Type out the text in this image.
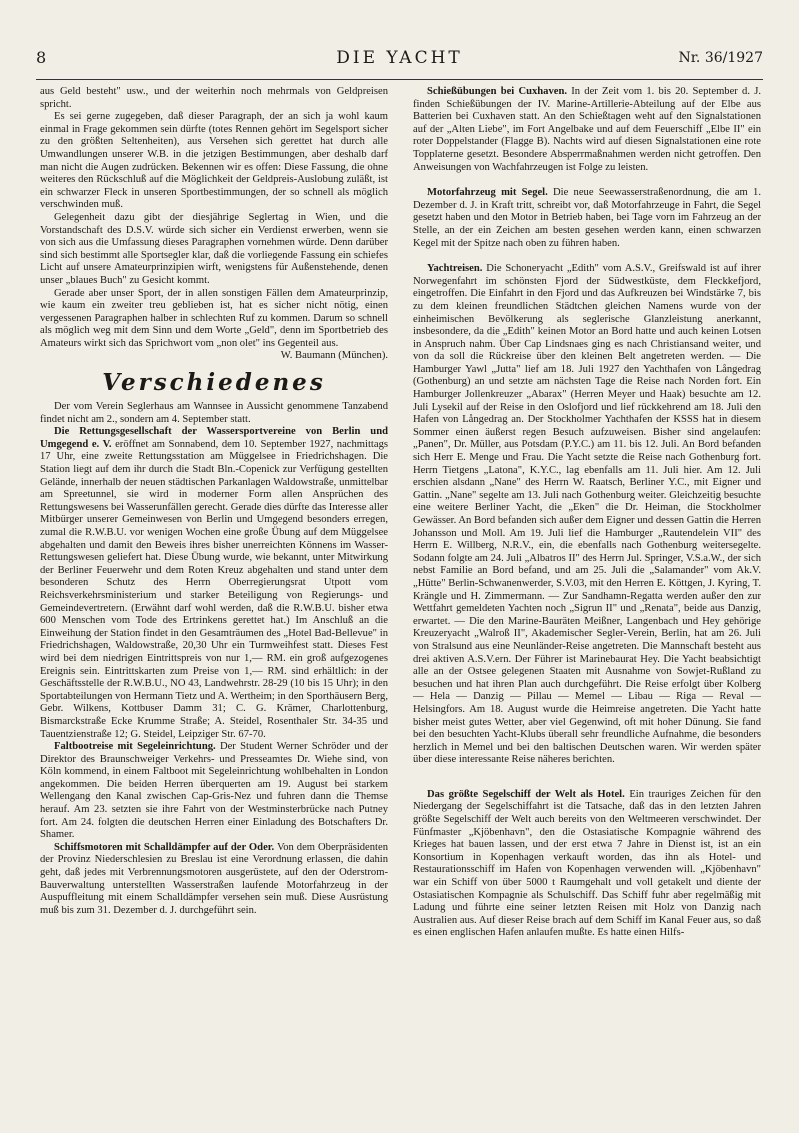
8	DIE YACHT	Nr. 36/1927

aus Geld besteht" usw., und der weiterhin noch mehrmals von Geldpreisen spricht.

Es sei gerne zugegeben, daß dieser Paragraph, der an sich ja wohl kaum einmal in Frage gekommen sein dürfte (totes Rennen gehört im Segelsport sicher zu den größten Seltenheiten), aus Versehen sich gerettet hat durch alle Umwandlungen unserer W.B. in die jetzigen Bestimmungen, aber deshalb darf man nicht die Augen zudrücken. Bekennen wir es offen: Diese Fassung, die ohne weiteres den Rückschluß auf die Möglichkeit der Geldpreis-Auslobung zuläßt, ist ein schwarzer Fleck in unseren Sportbestimmungen, der so schnell als möglich verschwinden muß.

Gelegenheit dazu gibt der diesjährige Seglertag in Wien, und die Vorstandschaft des D.S.V. würde sich sicher ein Verdienst erwerben, wenn sie von sich aus die Umfassung dieses Paragraphen vornehmen würde. Denn darüber sind sich bestimmt alle Sportsegler klar, daß die vorliegende Fassung ein schiefes Licht auf unsere Amateurprinzipien wirft, wenigstens für Außenstehende, denen unser „blaues Buch" zu Gesicht kommt.

Gerade aber unser Sport, der in allen sonstigen Fällen dem Amateurprinzip, wie kaum ein zweiter treu geblieben ist, hat es sicher nicht nötig, einen vergessenen Paragraphen halber in schlechten Ruf zu kommen. Darum so schnell als möglich weg mit dem Sinn und dem Worte „Geld", denn im Sportbetrieb des Amateurs wirkt sich das Sprichwort vom „non olet" ins Gegenteil aus.

W. Baumann (München).

Verschiedenes

Der vom Verein Seglerhaus am Wannsee in Aussicht genommene Tanzabend findet nicht am 2., sondern am 4. September statt.

Die Rettungsgesellschaft der Wassersportvereine von Berlin und Umgegend e. V. eröffnet am Sonnabend, dem 10. September 1927, nachmittags 17 Uhr, eine zweite Rettungsstation am Müggelsee in Friedrichshagen. Die Station liegt auf dem ihr durch die Stadt Bln.-Copenick zur Verfügung gestellten Gelände, innerhalb der neuen städtischen Parkanlagen Waldowstraße, unmittelbar am Spreetunnel, sie wird in moderner Form allen Ansprüchen des Rettungswesens bei Wasserunfällen gerecht. Gerade dies dürfte das Interesse aller Mitbürger unserer Gemeinwesen von Berlin und Umgegend besonders erregen, zumal die R.W.B.U. vor wenigen Wochen eine große Übung auf dem Müggelsee abgehalten und damit den Beweis ihres bisher unerreichten Könnens im Wasser-Rettungswesen geliefert hat. Diese Übung wurde, wie bekannt, unter Mitwirkung der Berliner Feuerwehr und dem Roten Kreuz abgehalten und stand unter dem besonderen Schutz des Herrn Oberregierungsrat Utpott vom Reichsverkehrsministerium und starker Beteiligung von Regierungs- und Gemeindevertretern. (Erwähnt darf wohl werden, daß die R.W.B.U. bisher etwa 600 Menschen vom Tode des Ertrinkens gerettet hat.) Im Anschluß an die Einweihung der Station findet in den Gesamträumen des „Hotel Bad-Bellevue" in Friedrichshagen, Waldowstraße, 20,30 Uhr ein Turmweihfest statt. Dieses Fest wird bei dem niedrigen Eintrittspreis von nur 1,— RM. ein groß aufgezogenes Ereignis sein. Eintrittskarten zum Preise von 1,— RM. sind erhältlich: in der Geschäftsstelle der R.W.B.U., NO 43, Landwehrstr. 28-29 (10 bis 15 Uhr); in den Sportabteilungen von Hermann Tietz und A. Wertheim; in den Sporthäusern Berg, Gebr. Wilkens, Kottbuser Damm 31; C. G. Krämer, Charlottenburg, Bismarckstraße Ecke Krumme Straße; A. Steidel, Rosenthaler Str. 34-35 und Tauentzienstraße 12; G. Steidel, Leipziger Str. 67-70.

Faltbootreise mit Segeleinrichtung. Der Student Werner Schröder und der Direktor des Braunschweiger Verkehrs- und Presseamtes Dr. Wiehe sind, von Köln kommend, in einem Faltboot mit Segeleinrichtung wohlbehalten in London angekommen. Die beiden Herren überquerten am 19. August bei starkem Wellengang den Kanal zwischen Cap-Gris-Nez und fuhren dann die Themse herauf. Am 23. setzten sie ihre Fahrt von der Westminsterbrücke nach Putney fort. Am 24. folgten die deutschen Herren einer Einladung des Botschafters Dr. Shamer.

Schiffsmotoren mit Schalldämpfer auf der Oder. Von dem Oberpräsidenten der Provinz Niederschlesien zu Breslau ist eine Verordnung erlassen, die dahin geht, daß jedes mit Verbrennungsmotoren ausgerüstete, auf den der Oderstrom-Bauverwaltung unterstellten Wasserstraßen laufende Motorfahrzeug in der Auspuffleitung mit einem Schalldämpfer versehen sein muß. Diese Ausrüstung muß bis zum 31. Dezember d. J. durchgeführt sein.

Schießübungen bei Cuxhaven. In der Zeit vom 1. bis 20. September d. J. finden Schießübungen der IV. Marine-Artillerie-Abteilung auf der Elbe aus Batterien bei Cuxhaven statt. An den Schießtagen weht auf den Signalstationen auf der „Alten Liebe", im Fort Angelbake und auf dem Feuerschiff „Elbe II" ein roter Doppelstander (Flagge B). Nachts wird auf diesen Signalstationen eine rote Topplaterne gesetzt. Besondere Absperrmaßnahmen werden nicht getroffen. Den Anweisungen von Wachfahrzeugen ist Folge zu leisten.

Motorfahrzeug mit Segel. Die neue Seewasserstraßenordnung, die am 1. Dezember d. J. in Kraft tritt, schreibt vor, daß Motorfahrzeuge in Fahrt, die Segel gesetzt haben und den Motor in Betrieb haben, bei Tage vorn im Fahrzeug an der Stelle, an der ein Zeichen am besten gesehen werden kann, einen schwarzen Kegel mit der Spitze nach oben zu führen haben.

Yachtreisen. Die Schoneryacht „Edith" vom A.S.V., Greifswald ist auf ihrer Norwegenfahrt im schönsten Fjord der Südwestküste, dem Fleckkefjord, eingetroffen. Die Einfahrt in den Fjord und das Aufkreuzen bei Windstärke 7, bis zu dem kleinen freundlichen Städtchen gleichen Namens wurde von der einheimischen Bevölkerung als seglerische Glanzleistung anerkannt, insbesondere, da die „Edith" keinen Motor an Bord hatte und auch keinen Lotsen in Anspruch nahm. Über Cap Lindsnaes ging es nach Christiansand weiter, und von da soll die Rückreise über den kleinen Belt angetreten werden. — Die Hamburger Yawl „Jutta" lief am 18. Juli 1927 den Yachthafen von Långedrag (Gothenburg) an und setzte am nächsten Tage die Reise nach Norden fort. Ein Hamburger Jollenkreuzer „Abarax" (Herren Meyer und Haak) besuchte am 12. Juli Lysekil auf der Reise in den Oslofjord und lief rückkehrend am 18. Juli den Hafen von Långedrag an. Der Stockholmer Yachthafen der KSSS hat in diesem Sommer einen äußerst regen Besuch aufzuweisen. Bisher sind angelaufen: „Panen", Dr. Müller, aus Potsdam (P.Y.C.) am 11. bis 12. Juli. An Bord befanden sich Herr E. Menge und Frau. Die Yacht setzte die Reise nach Gothenburg fort. Herrn Tietgens „Latona", K.Y.C., lag ebenfalls am 11. Juli hier. Am 12. Juli erschien alsdann „Nane" des Herrn W. Raatsch, Berliner Y.C., mit Eigner und Gattin. „Nane" segelte am 13. Juli nach Gothenburg weiter. Gleichzeitig besuchte eine weitere Berliner Yacht, die „Eken" die Dr. Heiman, die Stockholmer Gewässer. An Bord befanden sich außer dem Eigner und dessen Gattin die Herren Johansson und Moll. Am 19. Juli lief die Hamburger „Rautendelein VII" des Herrn E. Willberg, N.R.V., ein, die ebenfalls nach Gothenburg weitersegelte. Sodann folgte am 24. Juli „Albatros II" des Herrn Jul. Springer, V.S.a.W., der sich nebst Familie an Bord befand, und am 25. Juli die „Salamander" vom Ak.V. „Hütte" Berlin-Schwanenwerder, S.V.03, mit den Herren E. Köttgen, J. Kyring, T. Krängle und H. Zimmermann. — Zur Sandhamn-Regatta werden außer den zur Wettfahrt gemeldeten Yachten noch „Sigrun II" und „Renata", beide aus Danzig, erwartet. — Die den Marine-Bauräten Meißner, Langenbach und Hey gehörige Kreuzeryacht „Walroß II", Akademischer Segler-Verein, Berlin, hat am 26. Juli von Stralsund aus eine Neunländer-Reise angetreten. Die Mannschaft besteht aus drei aktiven A.S.V.ern. Der Führer ist Marinebaurat Hey. Die Yacht beabsichtigt alle an der Ostsee gelegenen Staaten mit Ausnahme von Sowjet-Rußland zu besuchen und hat ihren Plan auch durchgeführt. Die Reise erfolgt über Kolberg — Hela — Danzig — Pillau — Memel — Libau — Riga — Reval — Helsingfors. Am 18. August wurde die Heimreise angetreten. Die Yacht hatte bisher meist gutes Wetter, aber viel Gegenwind, oft mit hoher Dünung. Sie fand bei den besuchten Yacht-Klubs überall sehr freundliche Aufnahme, die besonders herzlich in Memel und bei den baltischen Deutschen waren. Wir werden später über diese interessante Reise näheres berichten.

Das größte Segelschiff der Welt als Hotel. Ein trauriges Zeichen für den Niedergang der Segelschiffahrt ist die Tatsache, daß das in den letzten Jahren größte Segelschiff der Welt auch bereits von den Weltmeeren verschwindet. Der Fünfmaster „Kjöbenhavn", den die Ostasiatische Kompagnie während des Krieges hat bauen lassen, und der erst etwa 7 Jahre in Dienst ist, ist an ein Konsortium in Kopenhagen verkauft worden, das ihn als Hotel- und Restaurationsschiff im Hafen von Kopenhagen verwenden will. „Kjöbenhavn" war ein Schiff von über 5000 t Raumgehalt und voll getakelt und diente der Ostasiatischen Kompagnie als Schulschiff. Das Schiff fuhr aber regelmäßig mit Ladung und führte eine seiner letzten Reisen mit Holz von Danzig nach Australien aus. Auf dieser Reise brach auf dem Schiff im Kanal Feuer aus, so daß es einen englischen Hafen anlaufen mußte. Es hatte einen Hilfs-
